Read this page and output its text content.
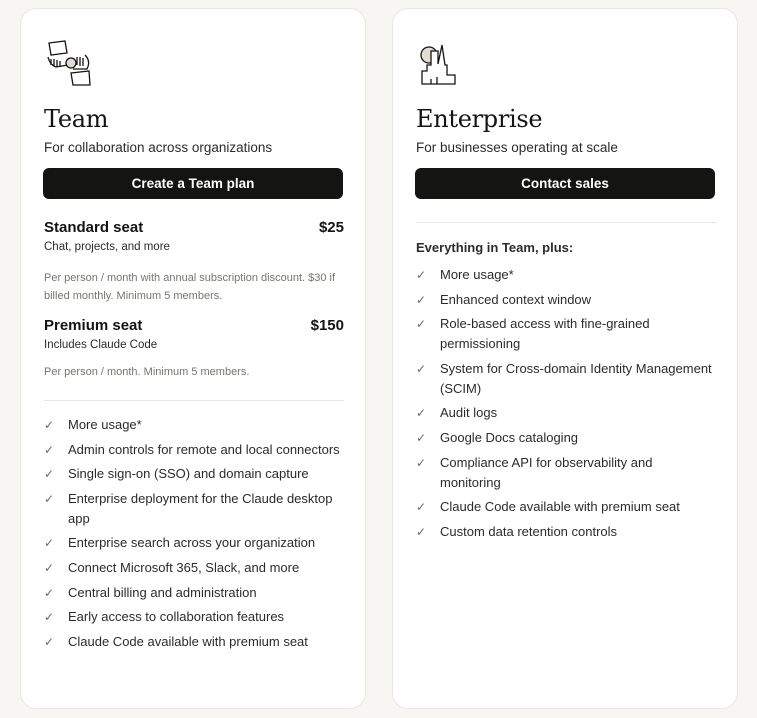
Team
For collaboration across organizations
Create a Team plan
Standard seat	$25
Chat, projects, and more
Per person / month with annual subscription discount. $30 if billed monthly. Minimum 5 members.
Premium seat	$150
Includes Claude Code
Per person / month. Minimum 5 members.
✓	More usage*
✓	Admin controls for remote and local connectors
✓	Single sign-on (SSO) and domain capture
✓	Enterprise deployment for the Claude desktop app
✓	Enterprise search across your organization
✓	Connect Microsoft 365, Slack, and more
✓	Central billing and administration
✓	Early access to collaboration features
✓	Claude Code available with premium seat
Enterprise
For businesses operating at scale
Contact sales
Everything in Team, plus:
✓	More usage*
✓	Enhanced context window
✓	Role-based access with fine-grained permissioning
✓	System for Cross-domain Identity Management (SCIM)
✓	Audit logs
✓	Google Docs cataloging
✓	Compliance API for observability and monitoring
✓	Claude Code available with premium seat
✓	Custom data retention controls
